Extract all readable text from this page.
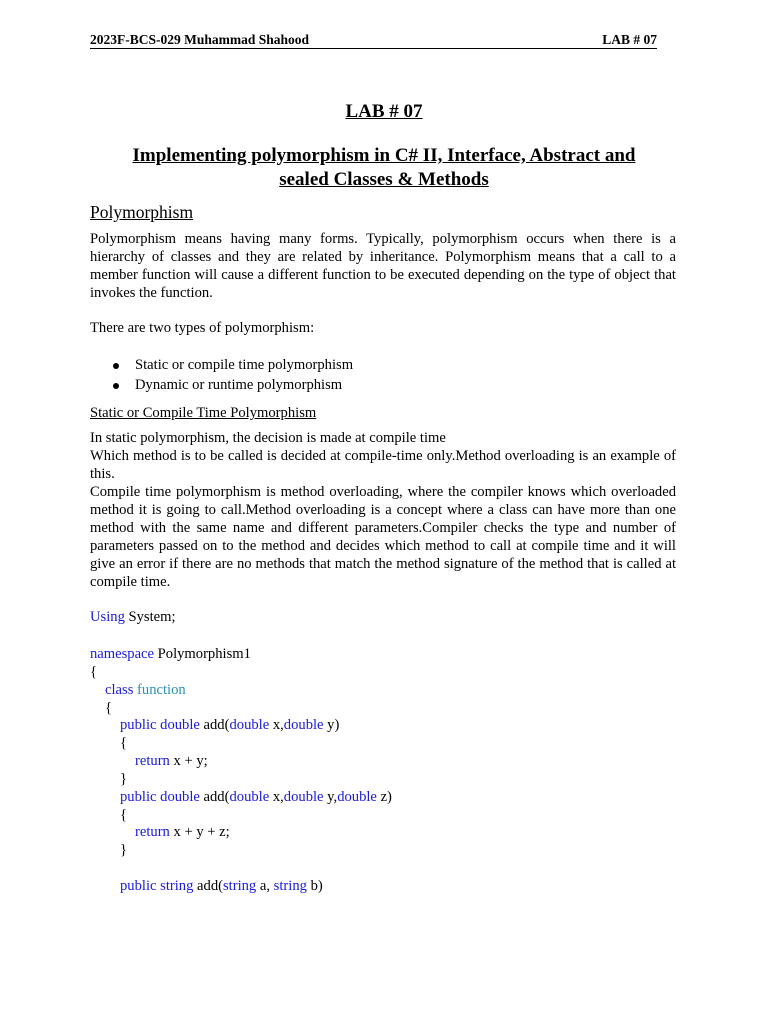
2023F-BCS-029 Muhammad Shahood	LAB # 07
LAB # 07
Implementing polymorphism in C# II, Interface, Abstract and
sealed Classes & Methods
Polymorphism

Polymorphism means having many forms. Typically, polymorphism occurs when there is a hierarchy of classes and they are related by inheritance. Polymorphism means that a call to a member function will cause a different function to be executed depending on the type of object that invokes the function.

There are two types of polymorphism:

Static or compile time polymorphism
Dynamic or runtime polymorphism
Static or Compile Time Polymorphism

In static polymorphism, the decision is made at compile time

Which method is to be called is decided at compile-time only.Method overloading is an example of this.

Compile time polymorphism is method overloading, where the compiler knows which overloaded method it is going to call.Method overloading is a concept where a class can have more than one method with the same name and different parameters.Compiler checks the type and number of parameters passed on to the method and decides which method to call at compile time and it will give an error if there are no methods that match the method signature of the method that is called at compile time.

Using System;
namespace Polymorphism1
{
class function
{
public double add(double x,double y)
{
return x + y;
}
public double add(double x,double y,double z)
{
return x + y + z;
}
public string add(string a, string b)
